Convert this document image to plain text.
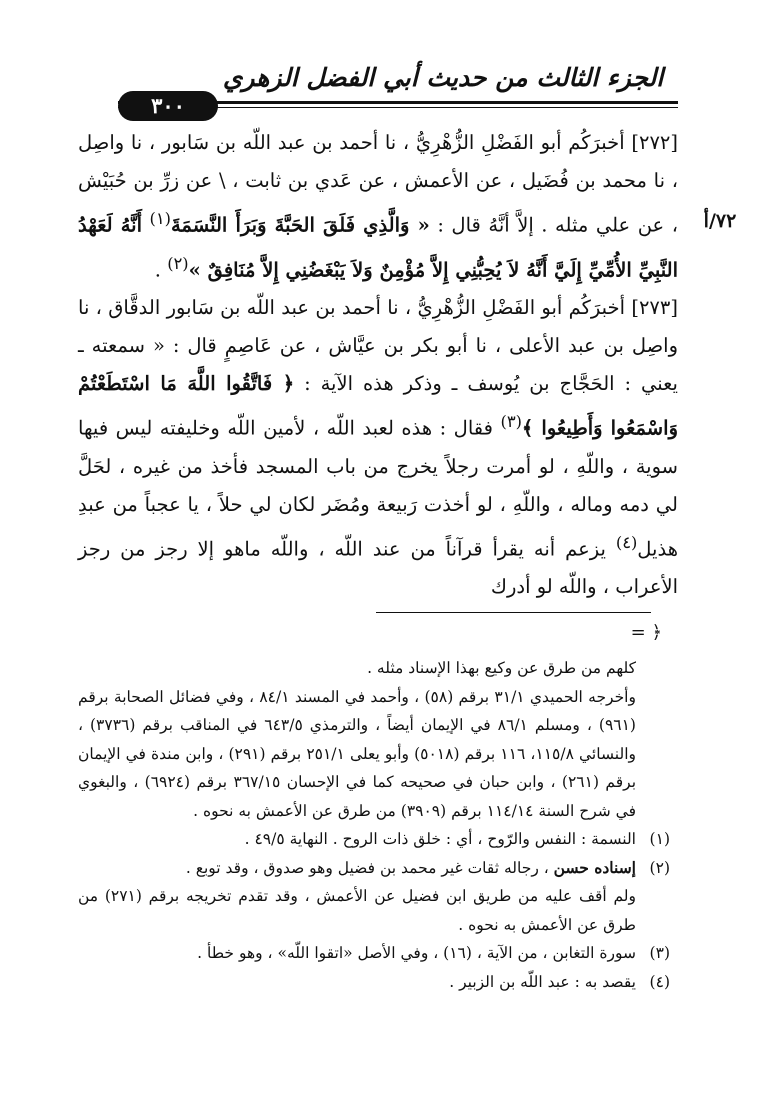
الجزء الثالث من حديث أبي الفضل الزهري
٣٠٠
٧٢/أ

[٢٧٢] أخبرَكُم أبو الفَضْلِ الزُّهْرِيُّ ، نا أحمد بن عبد اللّه بن سَابور ، نا واصِل ، نا محمد بن فُضَيل ، عن الأعمش ، عن عَدي بن ثابت ، \ عن زرِّ بن حُبَيْش ، عن علي مثله . إلاَّ أنَّهُ قال : « وَالَّذِي فَلَقَ الحَبَّةَ وَبَرَأَ النَّسَمَةَ$^{(١)}$ أَنَّهُ لَعَهْدُ النَّبِيِّ الأُمِّيِّ إِلَيَّ أَنَّهُ لاَ يُحِبُّنِي إِلاَّ مُؤْمِنٌ وَلاَ يَبْغَضُنِي إِلاَّ مُنَافِقٌ »$^{(٢)}$ .

[٢٧٣] أخبرَكُم أبو الفَضْلِ الزُّهْرِيُّ ، نا أحمد بن عبد اللّه بن سَابور الدقَّاق ، نا واصِل بن عبد الأعلى ، نا أبو بكر بن عيَّاش ، عن عَاصِمٍ قال : « سمعته ـ يعني : الحَجَّاج بن يُوسف ـ وذكر هذه الآية : ﴿ فَاتَّقُوا اللَّهَ مَا اسْتَطَعْتُمْ وَاسْمَعُوا وَأَطِيعُوا ﴾$^{(٣)}$ فقال : هذه لعبد اللّه ، لأمين اللّه وخليفته ليس فيها سوية ، واللّهِ ، لو أمرت رجلاً يخرج من باب المسجد فأخذ من غيره ، لحَلَّ لي دمه وماله ، واللّهِ ، لو أخذت رَبيعة ومُضَر لكان لي حلاً ، يا عجباً من عبدِ هذيل$^{(٤)}$ يزعم أنه يقرأ قرآناً من عند اللّه ، واللّه ماهو إلا رجز من رجز الأعراب ، واللّه لو أدرك

= ﴿

كلهم من طرق عن وكيع بهذا الإسناد مثله .

وأخرجه الحميدي ٣١/١ برقم (٥٨) ، وأحمد في المسند ٨٤/١ ، وفي فضائل الصحابة برقم (٩٦١) ، ومسلم ٨٦/١ في الإيمان أيضاً ، والترمذي ٦٤٣/٥ في المناقب برقم (٣٧٣٦) ، والنسائي ١١٥/٨، ١١٦ برقم (٥٠١٨) وأبو يعلى ٢٥١/١ برقم (٢٩١) ، وابن مندة في الإيمان برقم (٢٦١) ، وابن حبان في صحيحه كما في الإحسان ٣٦٧/١٥ برقم (٦٩٢٤) ، والبغوي في شرح السنة ١١٤/١٤ برقم (٣٩٠٩) من طرق عن الأعمش به نحوه .

(١)
النسمة : النفس والرّوح ، أي : خلق ذات الروح . النهاية ٤٩/٥ .
(٢)
إسناده حسن ، رجاله ثقات غير محمد بن فضيل وهو صدوق ، وقد توبع .

ولم أقف عليه من طريق ابن فضيل عن الأعمش ، وقد تقدم تخريجه برقم (٢٧١) من طرق عن الأعمش به نحوه .

(٣)
سورة التغابن ، من الآية ، (١٦) ، وفي الأصل «اتقوا اللّه» ، وهو خطأ .
(٤)
يقصد به : عبد اللّه بن الزبير .
